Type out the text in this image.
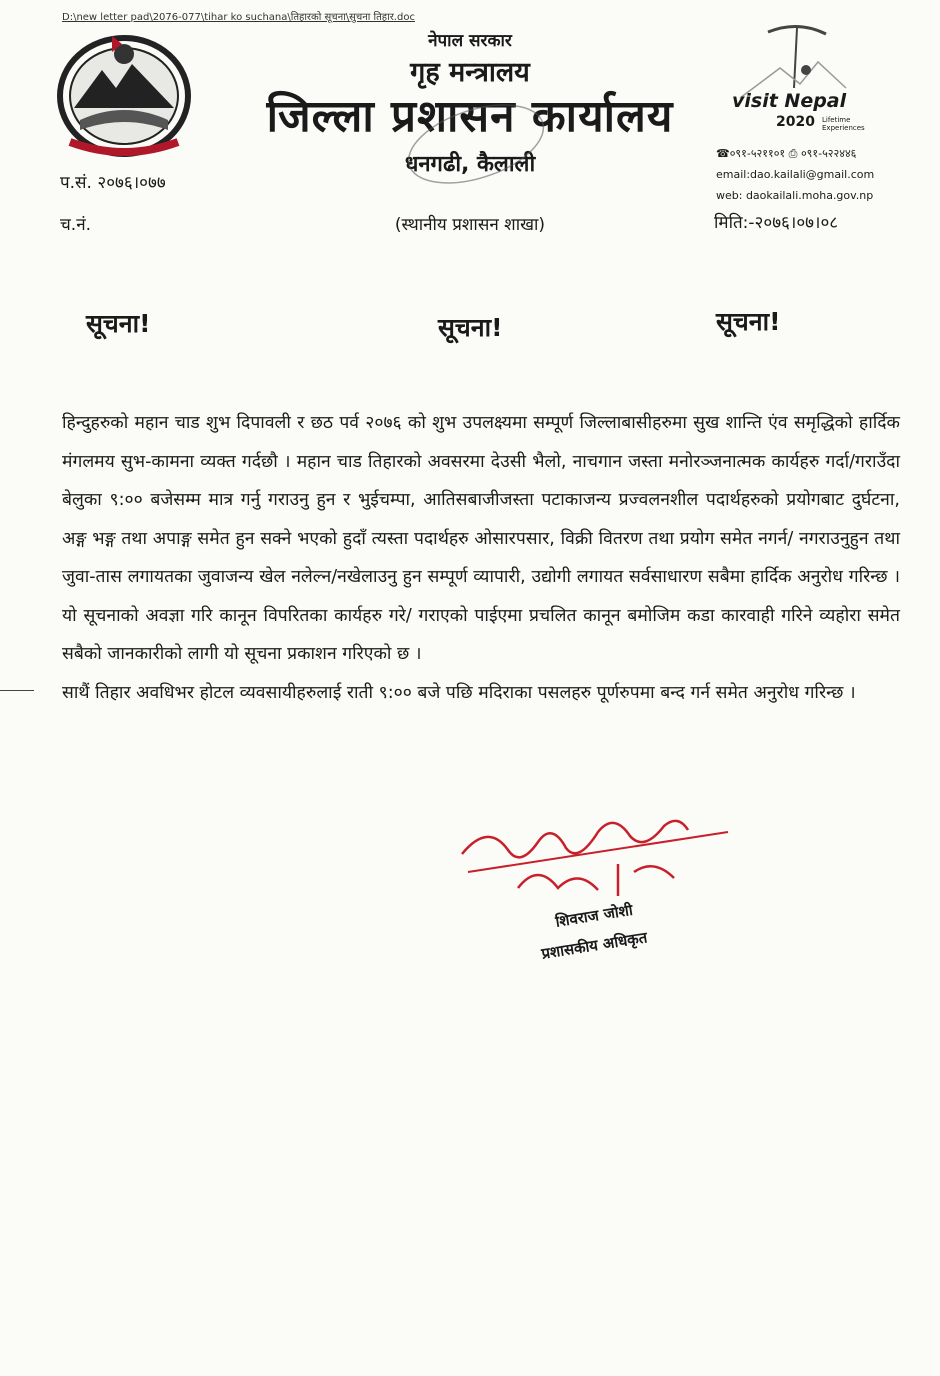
D:\new letter pad\2076-077\tihar ko suchana\तिहारको सूचना\सुचना तिहार.doc
नेपाल सरकार
गृह मन्त्रालय
जिल्ला प्रशासन कार्यालय
धनगढी, कैलाली
प.सं. २०७६।०७७
च.नं.	(स्थानीय प्रशासन शाखा)
visit Nepal
2020 Lifetime Experiences
☎०९१-५२११०१ ⎙ ०९१-५२२४४६
email:dao.kailali@gmail.com
web: daokailali.moha.gov.np
मिति:-२०७६।०७।०८
सूचना!	सूचना!	सूचना!

हिन्दुहरुको महान चाड शुभ दिपावली र छठ पर्व २०७६ को शुभ उपलक्ष्यमा सम्पूर्ण जिल्लाबासीहरुमा सुख शान्ति एंव समृद्धिको हार्दिक मंगलमय सुभ-कामना व्यक्त गर्दछौ । महान चाड तिहारको अवसरमा देउसी भैलो, नाचगान जस्ता मनोरञ्जनात्मक कार्यहरु गर्दा/गराउँदा बेलुका ९:०० बजेसम्म मात्र गर्नु गराउनु हुन र भुईचम्पा, आतिसबाजीजस्ता पटाकाजन्य प्रज्वलनशील पदार्थहरुको प्रयोगबाट दुर्घटना, अङ्ग भङ्ग तथा अपाङ्ग समेत हुन सक्ने भएको हुदाँ त्यस्ता पदार्थहरु ओसारपसार, विक्री वितरण तथा प्रयोग समेत नगर्न/ नगराउनुहुन तथा जुवा-तास लगायतका जुवाजन्य खेल नलेल्न/नखेलाउनु हुन सम्पूर्ण व्यापारी, उद्योगी लगायत सर्वसाधारण सबैमा हार्दिक अनुरोध गरिन्छ । यो सूचनाको अवज्ञा गरि कानून विपरितका कार्यहरु गरे/ गराएको पाईएमा प्रचलित कानून बमोजिम कडा कारवाही गरिने व्यहोरा समेत सबैको जानकारीको लागी यो सूचना प्रकाशन गरिएको छ ।

साथैं तिहार अवधिभर होटल व्यवसायीहरुलाई राती ९:०० बजे पछि मदिराका पसलहरु पूर्णरुपमा बन्द गर्न समेत अनुरोध गरिन्छ ।

शिवराज जोशी
प्रशासकीय अधिकृत
